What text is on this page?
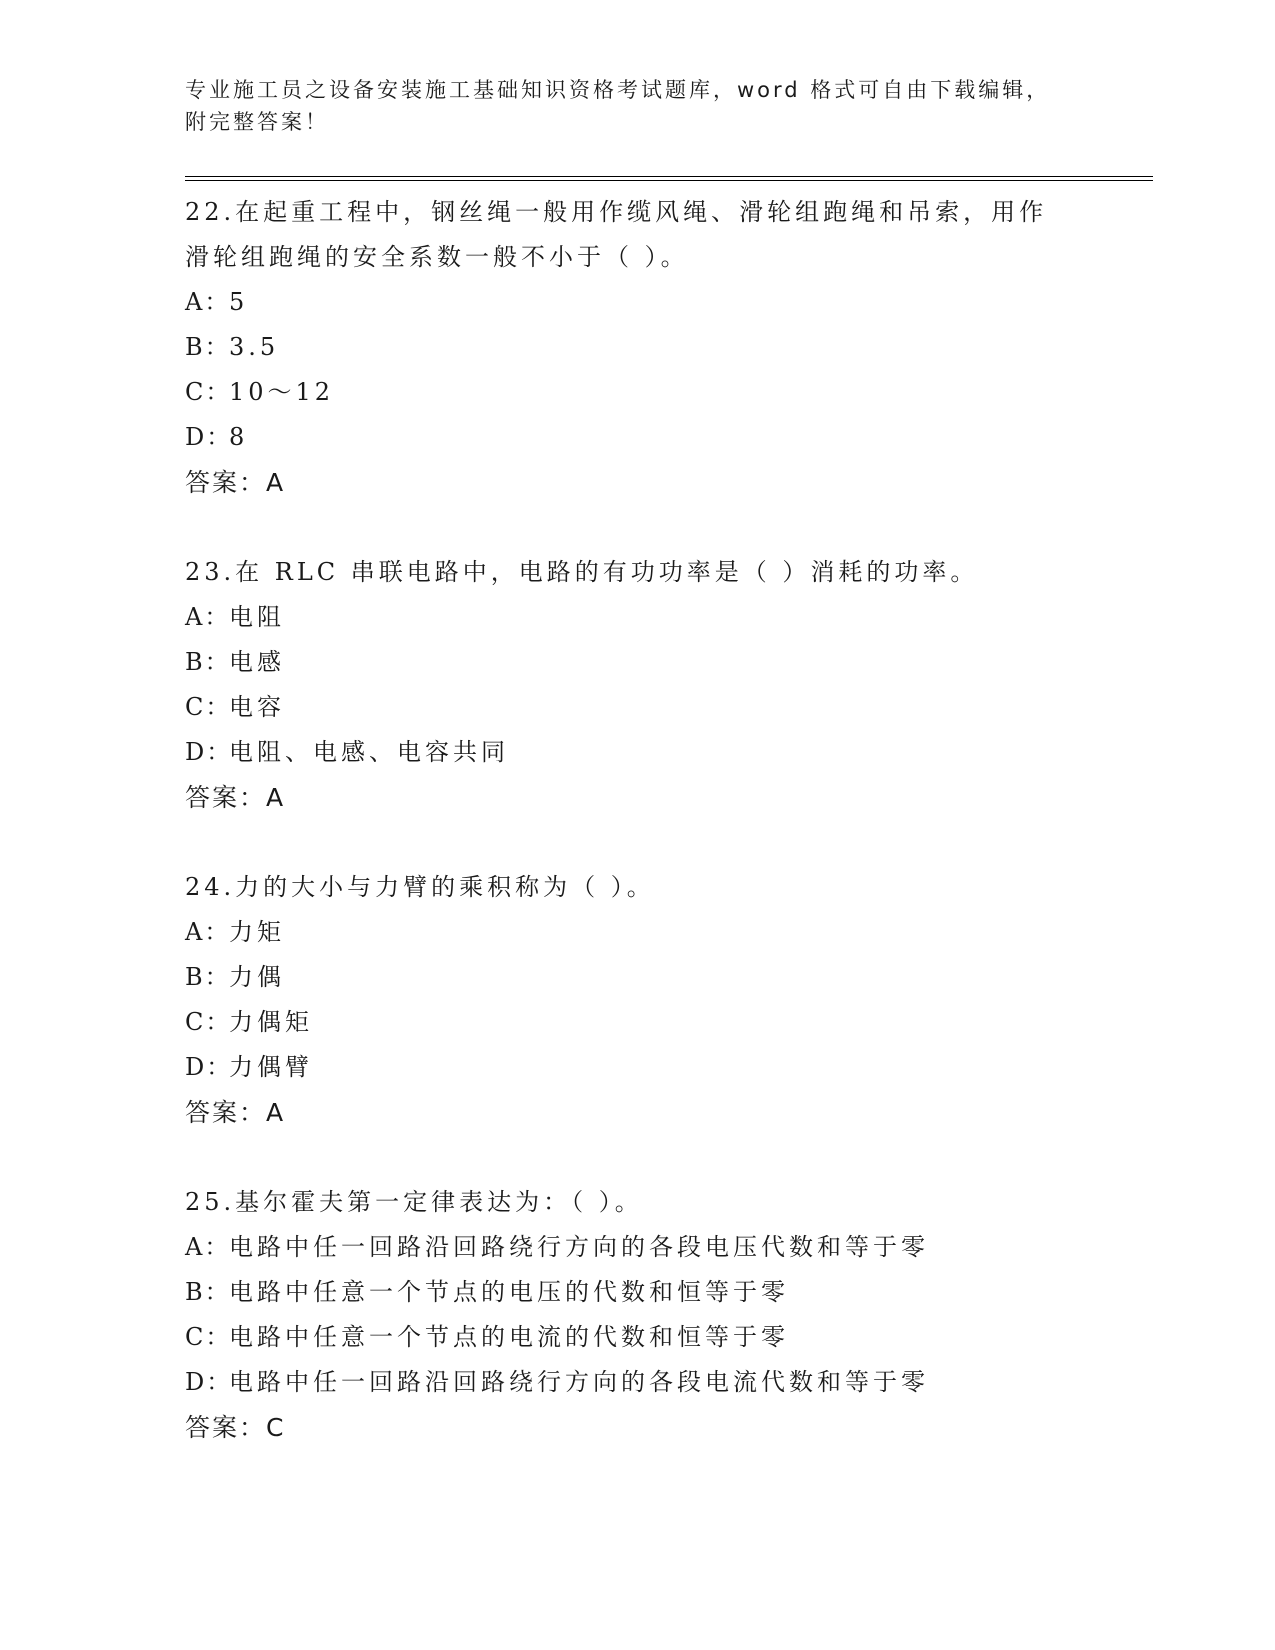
专业施工员之设备安装施工基础知识资格考试题库，word 格式可自由下载编辑，
附完整答案！

22.在起重工程中，钢丝绳一般用作缆风绳、滑轮组跑绳和吊索，用作滑轮组跑绳的安全系数一般不小于（ ）。

A：5

B：3.5

C：10～12

D：8

答案：A

23.在 RLC 串联电路中，电路的有功功率是（ ）消耗的功率。

A：电阻

B：电感

C：电容

D：电阻、电感、电容共同

答案：A

24.力的大小与力臂的乘积称为（ ）。

A：力矩

B：力偶

C：力偶矩

D：力偶臂

答案：A

25.基尔霍夫第一定律表达为：（ ）。

A：电路中任一回路沿回路绕行方向的各段电压代数和等于零

B：电路中任意一个节点的电压的代数和恒等于零

C：电路中任意一个节点的电流的代数和恒等于零

D：电路中任一回路沿回路绕行方向的各段电流代数和等于零

答案：C
